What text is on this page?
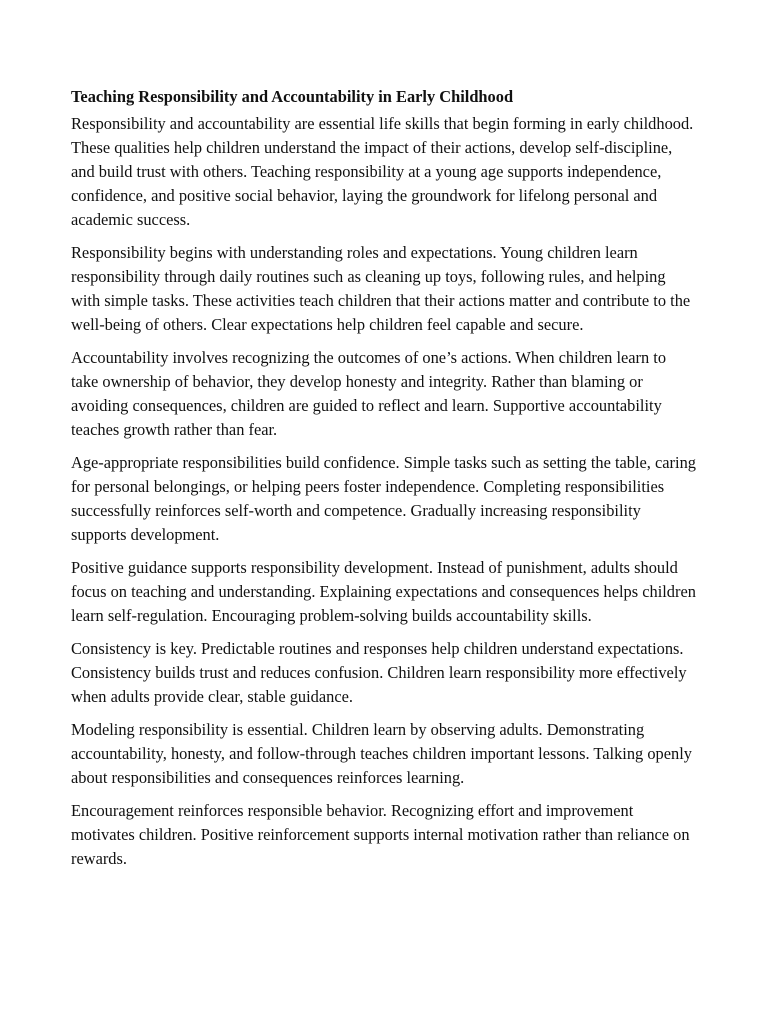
Teaching Responsibility and Accountability in Early Childhood

Responsibility and accountability are essential life skills that begin forming in early childhood. These qualities help children understand the impact of their actions, develop self-discipline, and build trust with others. Teaching responsibility at a young age supports independence, confidence, and positive social behavior, laying the groundwork for lifelong personal and academic success.

Responsibility begins with understanding roles and expectations. Young children learn responsibility through daily routines such as cleaning up toys, following rules, and helping with simple tasks. These activities teach children that their actions matter and contribute to the well-being of others. Clear expectations help children feel capable and secure.

Accountability involves recognizing the outcomes of one’s actions. When children learn to take ownership of behavior, they develop honesty and integrity. Rather than blaming or avoiding consequences, children are guided to reflect and learn. Supportive accountability teaches growth rather than fear.

Age-appropriate responsibilities build confidence. Simple tasks such as setting the table, caring for personal belongings, or helping peers foster independence. Completing responsibilities successfully reinforces self-worth and competence. Gradually increasing responsibility supports development.

Positive guidance supports responsibility development. Instead of punishment, adults should focus on teaching and understanding. Explaining expectations and consequences helps children learn self-regulation. Encouraging problem-solving builds accountability skills.

Consistency is key. Predictable routines and responses help children understand expectations. Consistency builds trust and reduces confusion. Children learn responsibility more effectively when adults provide clear, stable guidance.

Modeling responsibility is essential. Children learn by observing adults. Demonstrating accountability, honesty, and follow-through teaches children important lessons. Talking openly about responsibilities and consequences reinforces learning.

Encouragement reinforces responsible behavior. Recognizing effort and improvement motivates children. Positive reinforcement supports internal motivation rather than reliance on rewards.
